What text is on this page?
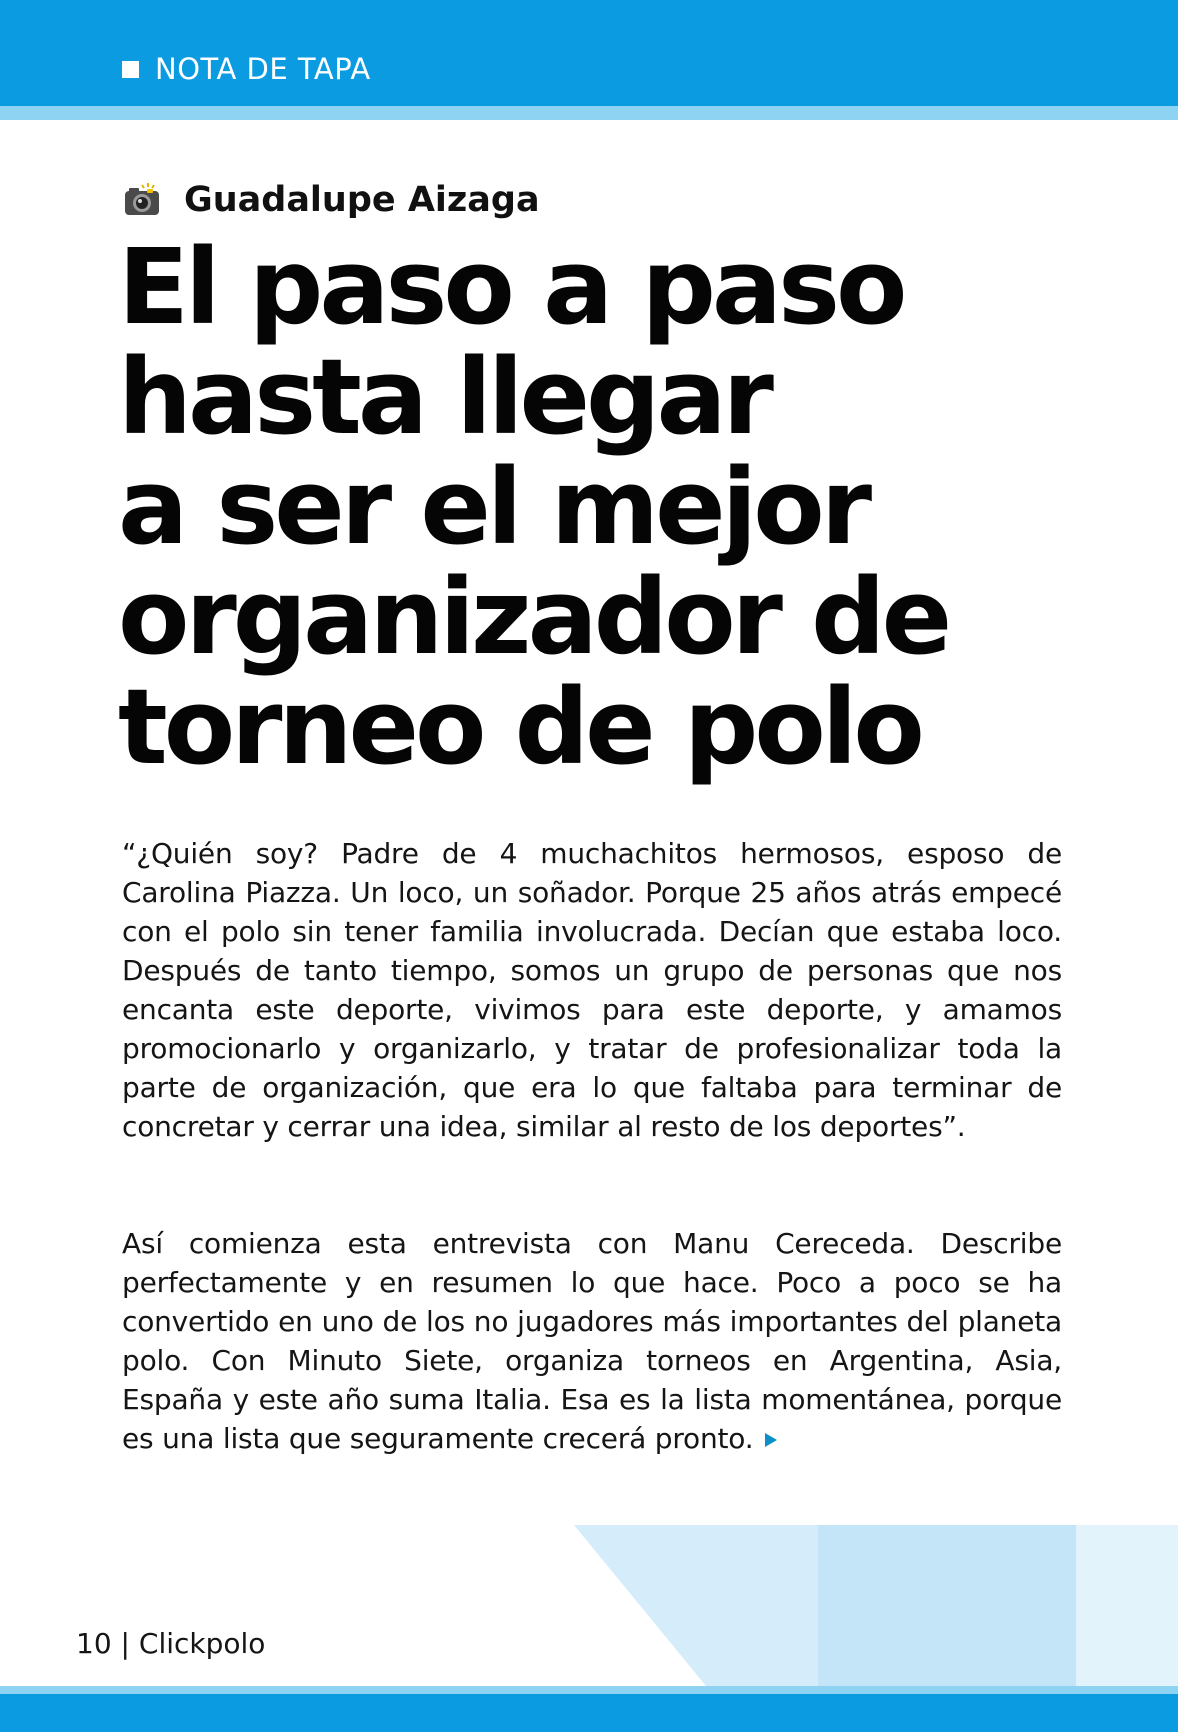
NOTA DE TAPA
Guadalupe Aizaga
El paso a paso
hasta llegar
a ser el mejor
organizador de
torneo de polo

“¿Quién soy? Padre de 4 muchachitos hermosos, esposo de Carolina Piazza. Un loco, un soñador. Porque 25 años atrás empecé con el polo sin tener familia involucrada. Decían que estaba loco. Después de tanto tiempo, somos un grupo de personas que nos encanta este deporte, vivimos para este deporte, y amamos promocionarlo y organizarlo, y tratar de profesionalizar toda la parte de organización, que era lo que faltaba para terminar de concretar y cerrar una idea, similar al resto de los deportes”.

Así comienza esta entrevista con Manu Cereceda. Describe perfectamente y en resumen lo que hace. Poco a poco se ha convertido en uno de los no jugadores más importantes del planeta polo. Con Minuto Siete, organiza torneos en Argentina, Asia, España y este año suma Italia. Esa es la lista momentánea, porque es una lista que seguramente crecerá pronto.

10 | Clickpolo
